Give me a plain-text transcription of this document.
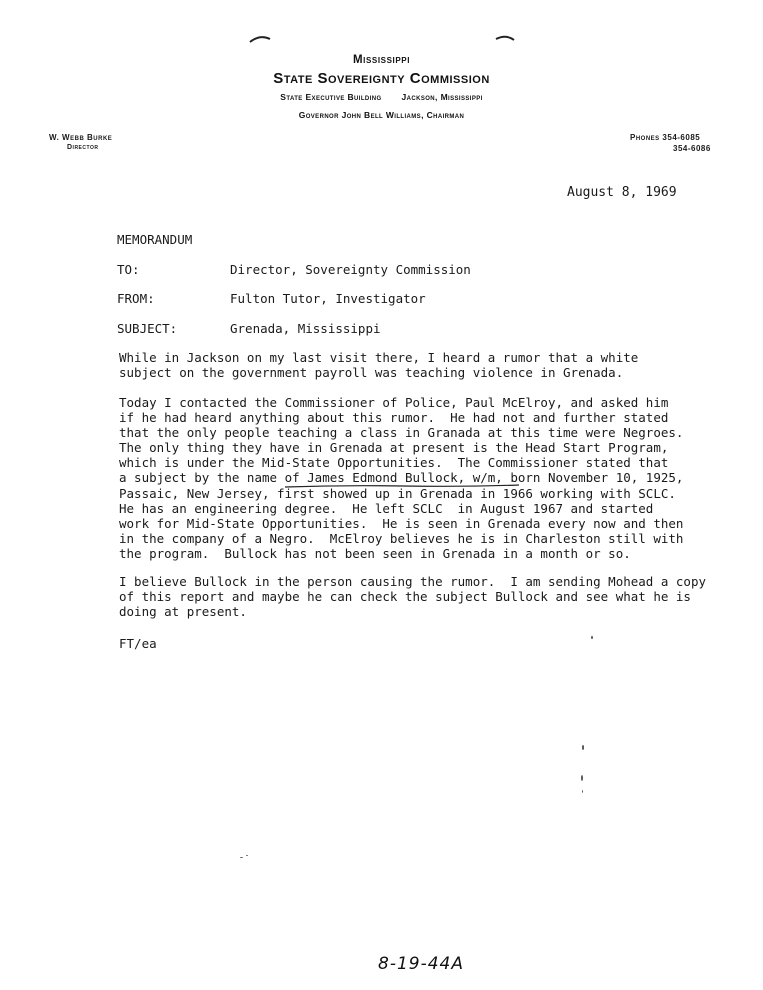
Mississippi
State Sovereignty Commission
State Executive Building Jackson, Mississippi
Governor John Bell Williams, Chairman
W. Webb Burke
Director
Phones 354-6085
354-6086
August 8, 1969
MEMORANDUM
TO:	Director, Sovereignty Commission
FROM:	Fulton Tutor, Investigator
SUBJECT:	Grenada, Mississippi
While in Jackson on my last visit there, I heard a rumor that a white
subject on the government payroll was teaching violence in Grenada.
Today I contacted the Commissioner of Police, Paul McElroy, and asked him
if he had heard anything about this rumor.  He had not and further stated
that the only people teaching a class in Granada at this time were Negroes.
The only thing they have in Grenada at present is the Head Start Program,
which is under the Mid-State Opportunities.  The Commissioner stated that
a subject by the name of James Edmond Bullock, w/m, born November 10, 1925,
Passaic, New Jersey, first showed up in Grenada in 1966 working with SCLC.
He has an engineering degree.  He left SCLC  in August 1967 and started
work for Mid-State Opportunities.  He is seen in Grenada every now and then
in the company of a Negro.  McElroy believes he is in Charleston still with
the program.  Bullock has not been seen in Grenada in a month or so.
I believe Bullock in the person causing the rumor.  I am sending Mohead a copy
of this report and maybe he can check the subject Bullock and see what he is
doing at present.
FT/ea
8-19-44A
